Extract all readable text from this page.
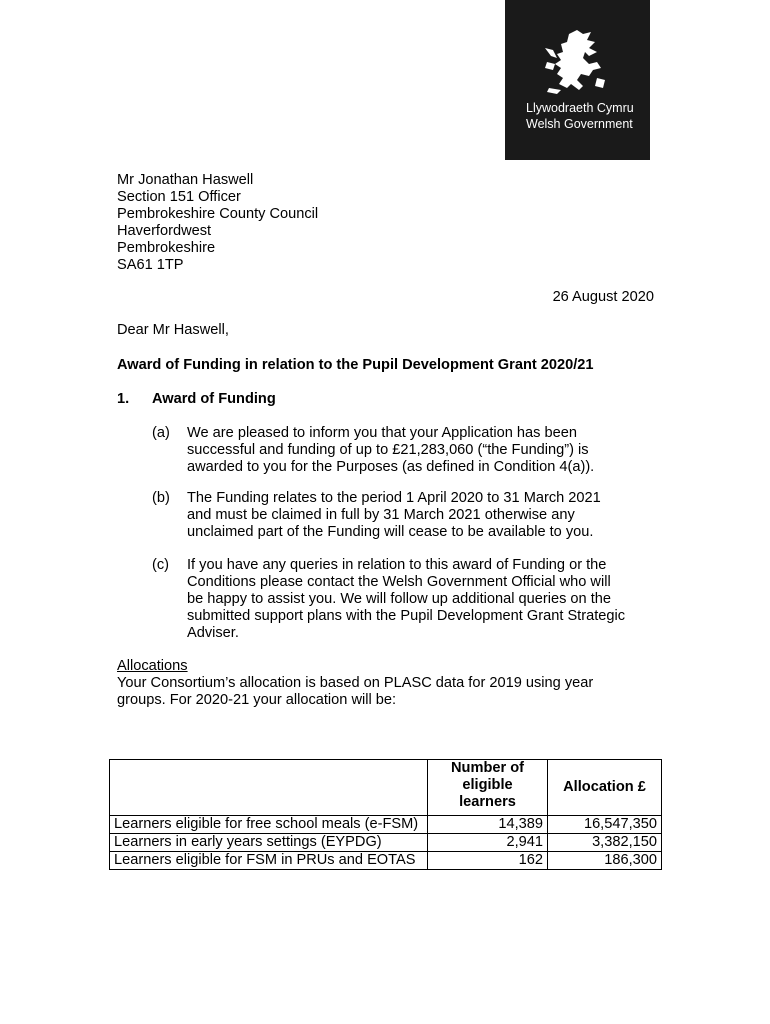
Llywodraeth Cymru
Welsh Government
Mr Jonathan Haswell
Section 151 Officer
Pembrokeshire County Council
Haverfordwest
Pembrokeshire
SA61 1TP
26 August 2020
Dear Mr Haswell,
Award of Funding in relation to the Pupil Development Grant 2020/21
1. Award of Funding
(a) We are pleased to inform you that your Application has been
successful and funding of up to £21,283,060 (“the Funding”) is
awarded to you for the Purposes (as defined in Condition 4(a)).
(b) The Funding relates to the period 1 April 2020 to 31 March 2021
and must be claimed in full by 31 March 2021 otherwise any
unclaimed part of the Funding will cease to be available to you.
(c) If you have any queries in relation to this award of Funding or the
Conditions please contact the Welsh Government Official who will
be happy to assist you. We will follow up additional queries on the
submitted support plans with the Pupil Development Grant Strategic
Adviser.
Allocations
Your Consortium’s allocation is based on PLASC data for 2019 using year
groups. For 2020-21 your allocation will be:
	Number of eligible learners	Allocation £
Learners eligible for free school meals (e-FSM)	14,389	16,547,350
Learners in early years settings (EYPDG)	2,941	3,382,150
Learners eligible for FSM in PRUs and EOTAS	162	186,300
